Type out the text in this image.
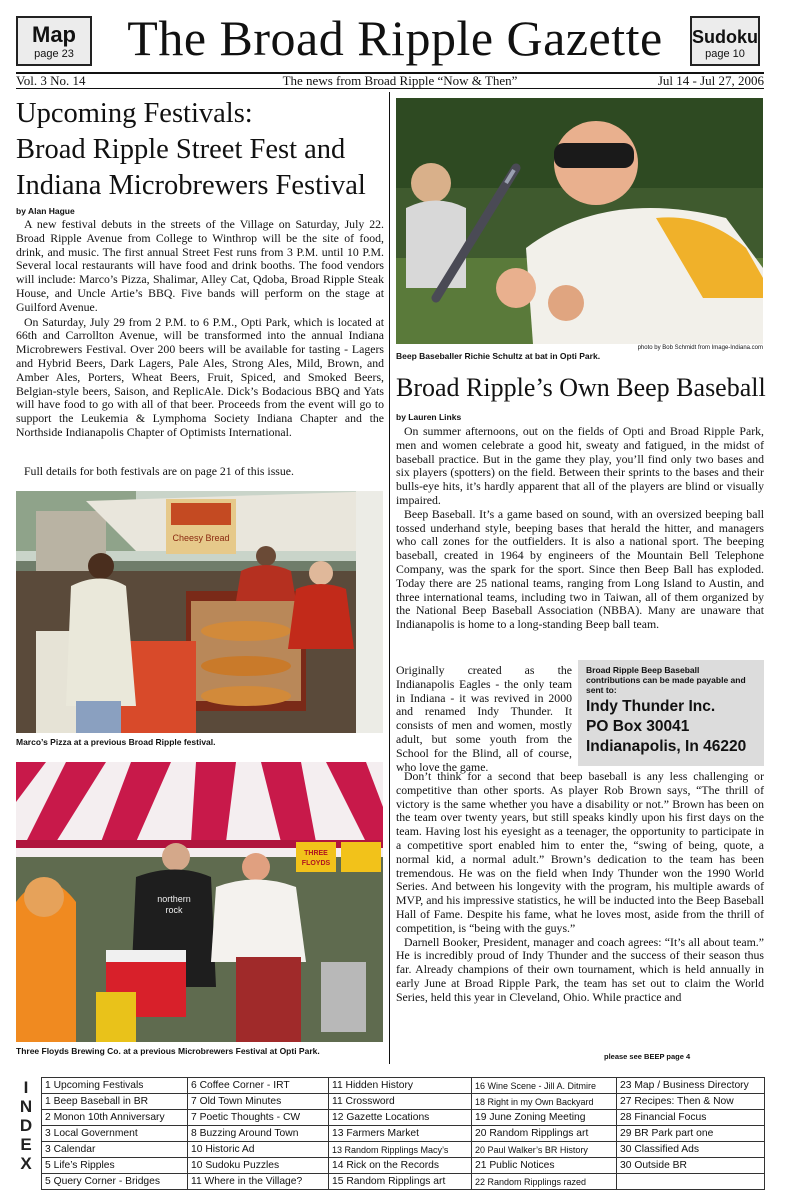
Map
page 23	The Broad Ripple Gazette	Sudoku
page 10
Vol. 3 No. 14	The news from Broad Ripple “Now & Then”	Jul 14 - Jul 27, 2006
Upcoming Festivals:
Broad Ripple Street Fest and
Indiana Microbrewers Festival
by Alan Hague

A new festival debuts in the streets of the Village on Saturday, July 22. Broad Ripple Avenue from College to Winthrop will be the site of food, drink, and music. The first annual Street Fest runs from 3 P.M. until 10 P.M. Several local restaurants will have food and drink booths. The food vendors will include: Marco’s Pizza, Shalimar, Alley Cat, Qdoba, Broad Ripple Steak House, and Uncle Artie’s BBQ. Five bands will perform on the stage at Guilford Avenue.

On Saturday, July 29 from 2 P.M. to 6 P.M., Opti Park, which is located at 66th and Carrollton Avenue, will be transformed into the annual Indiana Microbrewers Festival. Over 200 beers will be available for tasting - Lagers and Hybrid Beers, Dark Lagers, Pale Ales, Strong Ales, Mild, Brown, and Amber Ales, Porters, Wheat Beers, Fruit, Spiced, and Smoked Beers, Belgian-style beers, Saison, and ReplicAle. Dick’s Bodacious BBQ and Yats will have food to go with all of that beer. Proceeds from the event will go to support the Leukemia & Lymphoma Society Indiana Chapter and the Northside Indianapolis Chapter of Optimists International.

Full details for both festivals are on page 21 of this issue.

Cheesy Bread
Marco’s Pizza at a previous Broad Ripple festival.
THREE
FLOYDS
northern
rock
Three Floyds Brewing Co. at a previous Microbrewers Festival at Opti Park.
Beep Baseballer Richie Schultz at bat in Opti Park.
photo by Bob Schmidt from Image-Indiana.com
Broad Ripple’s Own Beep Baseball
by Lauren Links

On summer afternoons, out on the fields of Opti and Broad Ripple Park, men and women celebrate a good hit, sweaty and fatigued, in the midst of baseball practice. But in the game they play, you’ll find only two bases and six players (spotters) on the field. Between their sprints to the bases and their bulls-eye hits, it’s hardly apparent that all of the players are blind or visually impaired.

Beep Baseball. It’s a game based on sound, with an oversized beeping ball tossed underhand style, beeping bases that herald the hitter, and managers who call zones for the outfielders. It is also a national sport. The beeping baseball, created in 1964 by engineers of the Mountain Bell Telephone Company, was the spark for the sport. Since then Beep Ball has exploded. Today there are 25 national teams, ranging from Long Island to Austin, and three international teams, including two in Taiwan, all of them organized by the National Beep Baseball Association (NBBA). Many are unaware that Indianapolis is home to a long-standing Beep ball team.

Originally created as the Indianapolis Eagles - the only team in Indiana - it was revived in 2000 and renamed Indy Thunder. It consists of men and women, mostly adult, but some youth from the School for the Blind, all of course, who love the game.

Broad Ripple Beep Baseball contributions can be made payable and sent to:
Indy Thunder Inc.
PO Box 30041
Indianapolis, In 46220

Don’t think for a second that beep baseball is any less challenging or competitive than other sports. As player Rob Brown says, “The thrill of victory is the same whether you have a disability or not.” Brown has been on the team over twenty years, but still speaks kindly upon his first days on the team. Having lost his eyesight as a teenager, the opportunity to participate in a competitive sport enabled him to enter the, “swing of being, quote, a normal kid, a normal adult.” Brown’s dedication to the team has been tremendous. He was on the field when Indy Thunder won the 1990 World Series. And between his longevity with the program, his multiple awards of MVP, and his impressive statistics, he will be inducted into the Beep Baseball Hall of Fame. Despite his fame, what he loves most, aside from the thrill of competition, is “being with the guys.”

Darnell Booker, President, manager and coach agrees: “It’s all about team.” He is incredibly proud of Indy Thunder and the success of their season thus far. Already champions of their own tournament, which is held annually in early June at Broad Ripple Park, the team has set out to claim the World Series, held this year in Cleveland, Ohio. While practice and

please see BEEP page 4
I
N
D
E
X
1 Upcoming Festivals	6 Coffee Corner - IRT	11 Hidden History	16 Wine Scene - Jill A. Ditmire	23 Map / Business Directory
1 Beep Baseball in BR	7 Old Town Minutes	11 Crossword	18 Right in my Own Backyard	27 Recipes: Then & Now
2 Monon 10th Anniversary	7 Poetic Thoughts - CW	12 Gazette Locations	19 June Zoning Meeting	28 Financial Focus
3 Local Government	8 Buzzing Around Town	13 Farmers Market	20 Random Ripplings art	29 BR Park part one
3 Calendar	10 Historic Ad	13 Random Ripplings Macy’s	20 Paul Walker’s BR History	30 Classified Ads
5 Life’s Ripples	10 Sudoku Puzzles	14 Rick on the Records	21 Public Notices	30 Outside BR
5 Query Corner - Bridges	11 Where in the Village?	15 Random Ripplings art	22 Random Ripplings razed	
